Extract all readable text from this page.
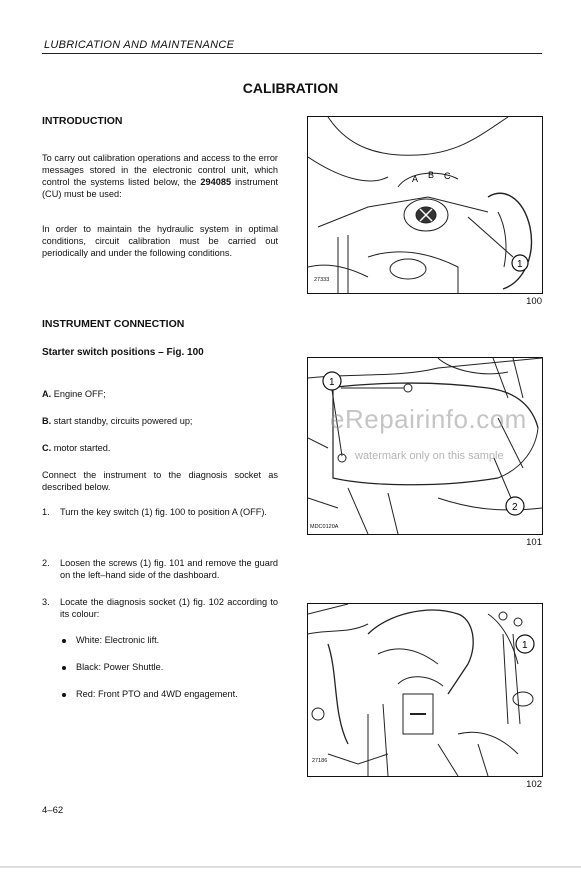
LUBRICATION AND MAINTENANCE
CALIBRATION
INTRODUCTION
To carry out calibration operations and access to the error messages stored in the electronic control unit, which control the systems listed below, the 294085 instrument (CU) must be used:
In order to maintain the hydraulic system in optimal conditions, circuit calibration must be carried out periodically and under the following conditions.
INSTRUMENT CONNECTION
Starter switch positions – Fig. 100
A. Engine OFF;
B. start standby, circuits powered up;
C. motor started.
Connect the instrument to the diagnosis socket as described below.
1.	Turn the key switch (1) fig. 100 to position A (OFF).
2.	Loosen the screws (1) fig. 101 and remove the guard on the left–hand side of the dashboard.
3.	Locate the diagnosis socket (1) fig. 102 according to its colour:
White: Electronic lift.
Black: Power Shuttle.
Red: Front PTO and 4WD engagement.
A B C
1
27333
100
1
2
MDC0120A
101
1
27186
102
eRepairinfo.com
watermark only on this sample
4–62
